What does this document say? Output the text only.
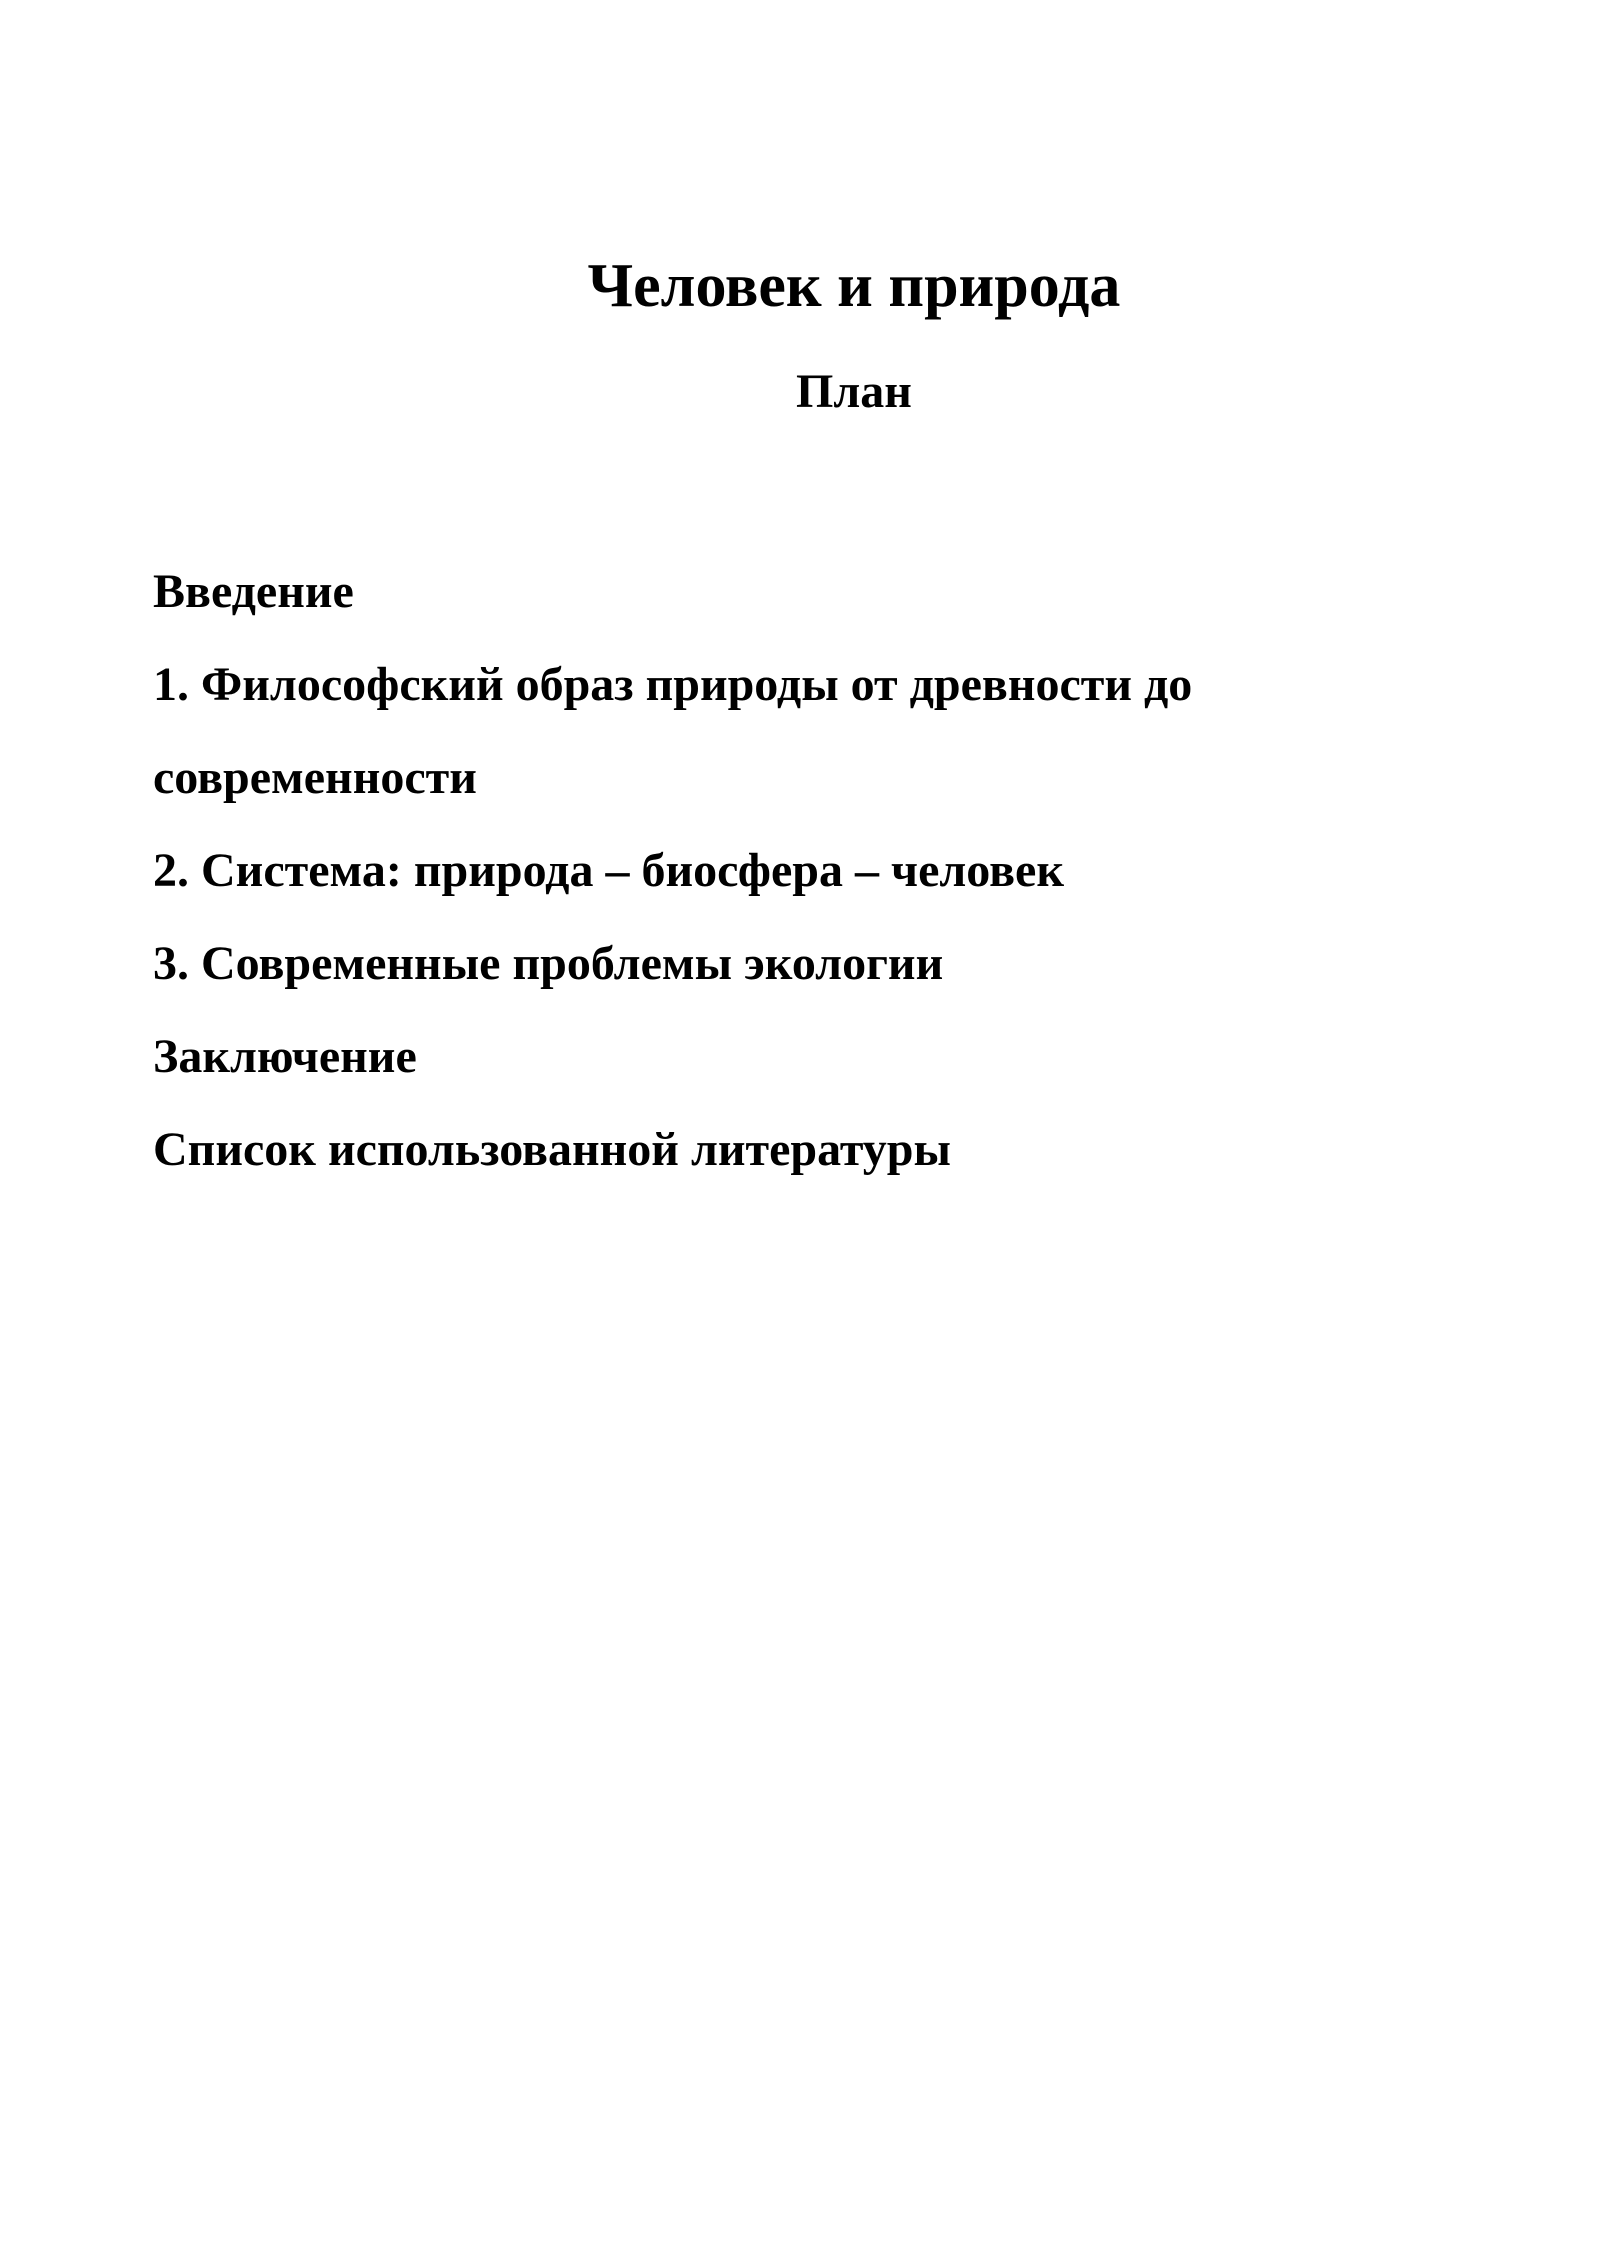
Человек и природа
План
Введение
1. Философский образ природы от древности до
современности
2. Система: природа – биосфера – человек
3. Современные проблемы экологии
Заключение
Список использованной литературы
